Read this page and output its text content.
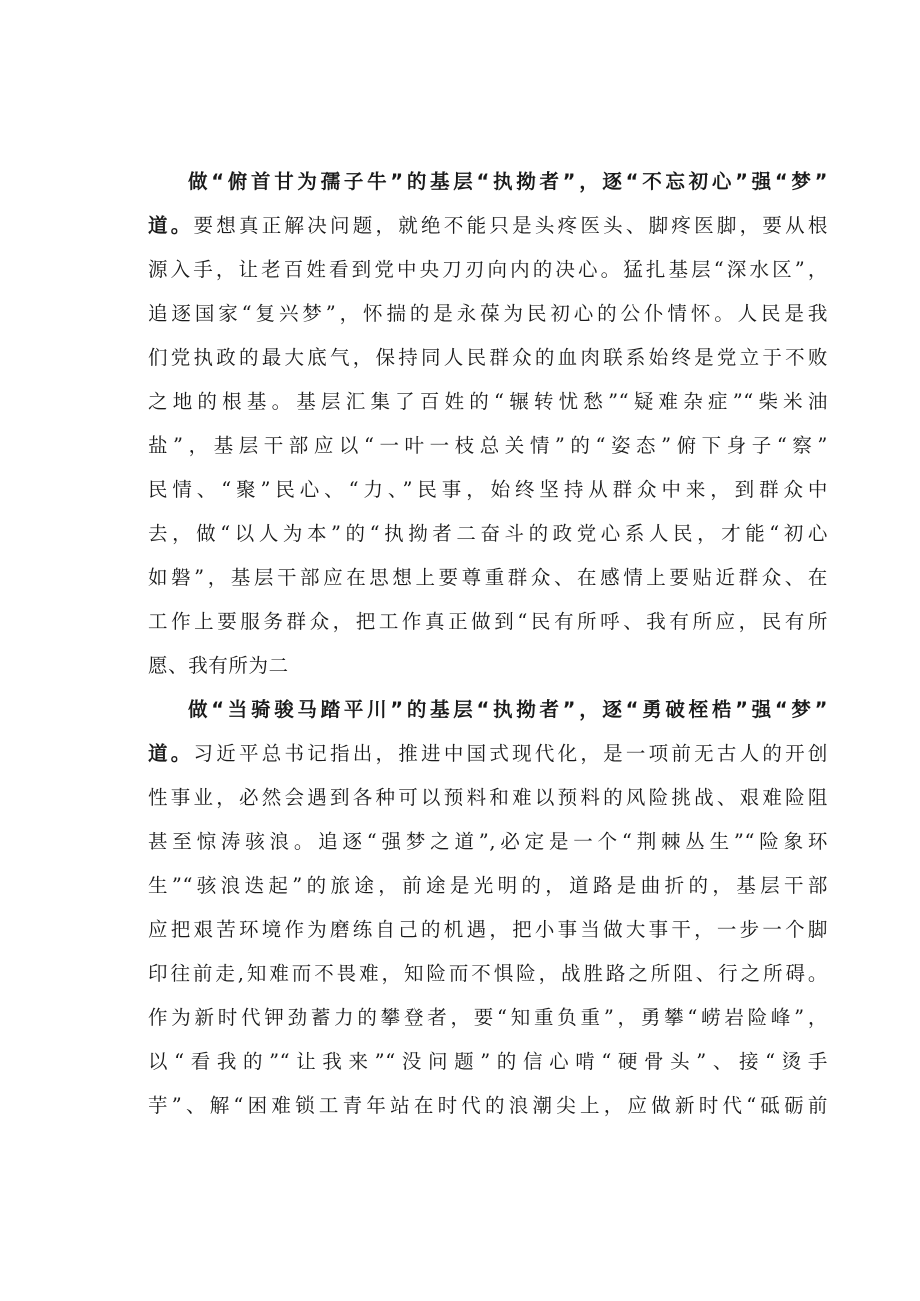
做“俯首甘为孺子牛”的基层“执拗者”，逐“不忘初心”强“梦”
道。要想真正解决问题，就绝不能只是头疼医头、脚疼医脚，要从根
源入手，让老百姓看到党中央刀刃向内的决心。猛扎基层“深水区”，
追逐国家“复兴梦”，怀揣的是永葆为民初心的公仆情怀。人民是我
们党执政的最大底气，保持同人民群众的血肉联系始终是党立于不败
之地的根基。基层汇集了百姓的“辗转忧愁”“疑难杂症”“柴米油
盐”，基层干部应以“一叶一枝总关情”的“姿态”俯下身子“察”
民情、“聚”民心、“力、”民事，始终坚持从群众中来，到群众中
去，做“以人为本”的“执拗者二奋斗的政党心系人民，才能“初心
如磐”，基层干部应在思想上要尊重群众、在感情上要贴近群众、在
工作上要服务群众，把工作真正做到“民有所呼、我有所应，民有所
愿、我有所为二
做“当骑骏马踏平川”的基层“执拗者”，逐“勇破桎梏”强“梦”
道。习近平总书记指出，推进中国式现代化，是一项前无古人的开创
性事业，必然会遇到各种可以预料和难以预料的风险挑战、艰难险阻
甚至惊涛骇浪。追逐“强梦之道”,必定是一个“荆棘丛生”“险象环
生”“骇浪迭起”的旅途，前途是光明的，道路是曲折的，基层干部
应把艰苦环境作为磨练自己的机遇，把小事当做大事干，一步一个脚
印往前走,知难而不畏难，知险而不惧险，战胜路之所阻、行之所碍。
作为新时代钾劲蓄力的攀登者，要“知重负重”，勇攀“崂岩险峰”，
以“看我的”“让我来”“没问题”的信心啃“硬骨头”、接“烫手
芋”、解“困难锁工青年站在时代的浪潮尖上，应做新时代“砥砺前
